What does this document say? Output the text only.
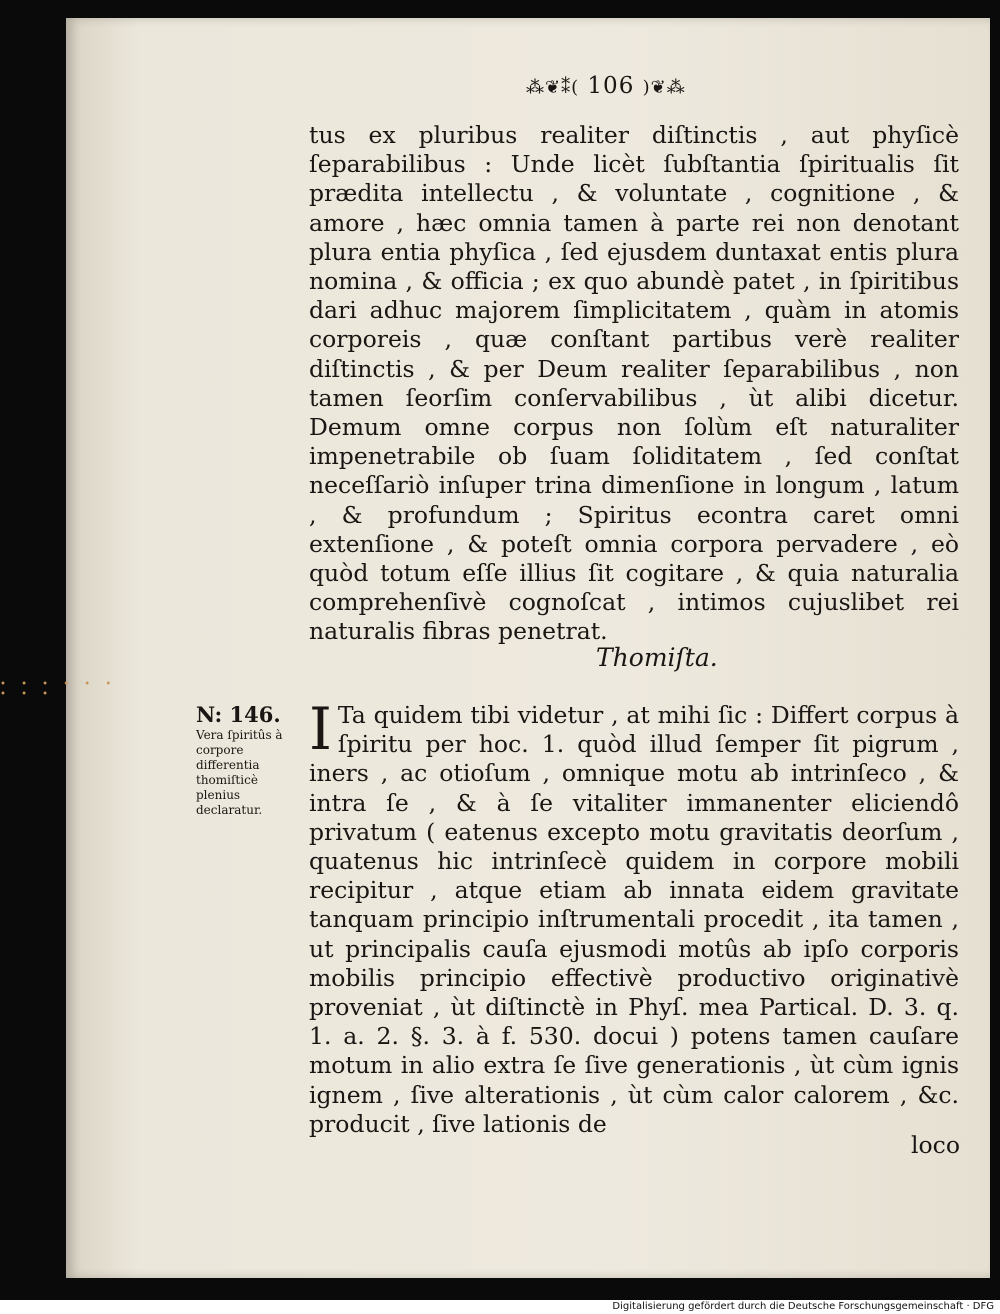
⁂❦⁑( 106 )❦⁂

tus ex pluribus realiter diſtinctis , aut phyſicè ſeparabilibus : Unde licèt ſubſtantia ſpiritualis ſit prædita intellectu , & voluntate , cognitione , & amore , hæc omnia tamen à parte rei non denotant plura entia phyſica , ſed ejusdem duntaxat entis plura nomina , & officia ; ex quo abundè patet , in ſpiritibus dari adhuc majorem ſimplicitatem , quàm in atomis corporeis , quæ conſtant partibus verè realiter diſtinctis , & per Deum realiter ſeparabilibus , non tamen ſeorſim conſervabilibus , ùt alibi dicetur. Demum omne corpus non ſolùm eſt naturaliter impenetrabile ob ſuam ſoliditatem , ſed conſtat neceſſariò inſuper trina dimenſione in longum , latum , & profundum ; Spiritus econtra caret omni extenſione , & poteſt omnia corpora pervadere , eò quòd totum eſſe illius ſit cogitare , & quia naturalia comprehenſivè cognoſcat , intimos cujuslibet rei naturalis fibras penetrat.

Thomiſta.
N: 146.
Vera ſpiritûs à corpore differentia thomiſticè plenius declaratur.
I Ta quidem tibi videtur , at mihi ſic : Differt corpus à ſpiritu per hoc. 1. quòd illud ſemper ſit pigrum , iners , ac otioſum , omnique motu ab intrinſeco , & intra ſe , & à ſe vitaliter immanenter eliciendô privatum ( eatenus excepto motu gravitatis deorſum , quatenus hic intrinſecè quidem in corpore mobili recipitur , atque etiam ab innata eidem gravitate tanquam principio inſtrumentali procedit , ita tamen , ut principalis cauſa ejusmodi motûs ab ipſo corporis mobilis principio effectivè productivo originativè proveniat , ùt diſtinctè in Phyſ. mea Partical. D. 3. q. 1. a. 2. §. 3. à f. 530. docui ) potens tamen cauſare motum in alio extra ſe ſive generationis , ùt cùm ignis ignem , ſive alterationis , ùt cùm calor calorem , &c. producit , ſive lationis de

loco
• • • • • • • • •
Digitalisierung gefördert durch die Deutsche Forschungsgemeinschaft · DFG
